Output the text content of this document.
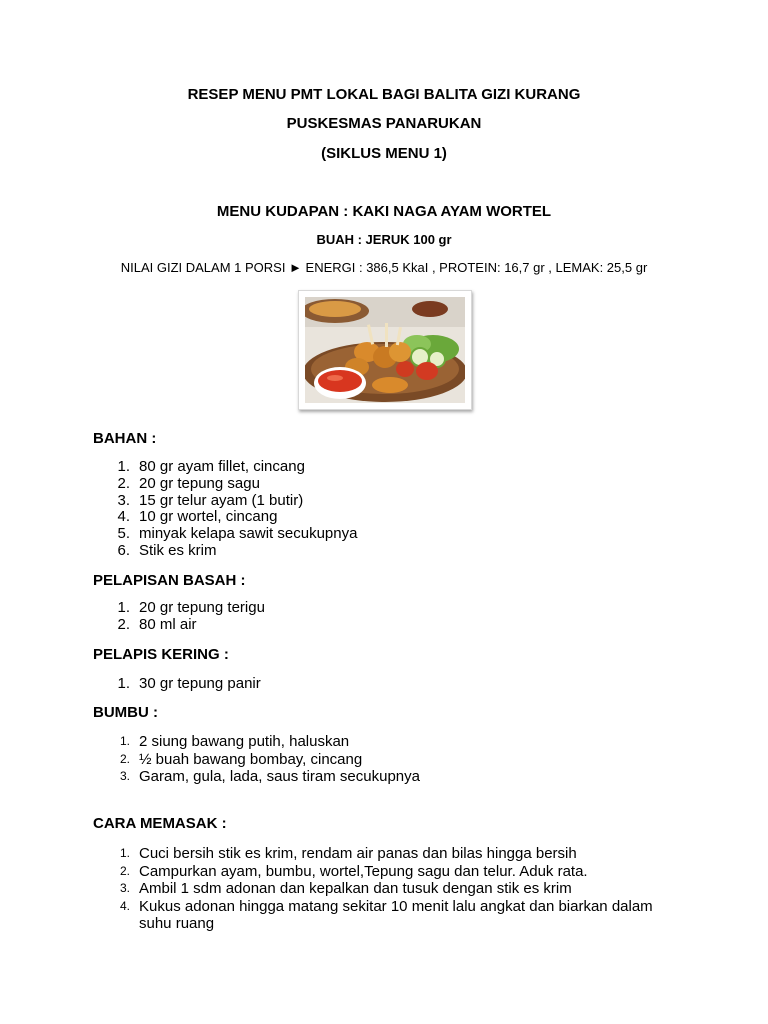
RESEP MENU PMT LOKAL BAGI BALITA GIZI KURANG
PUSKESMAS PANARUKAN
(SIKLUS MENU 1)
MENU KUDAPAN : KAKI NAGA AYAM WORTEL
BUAH : JERUK 100 gr
NILAI GIZI DALAM 1 PORSI ► ENERGI : 386,5 KkaI , PROTEIN: 16,7 gr , LEMAK: 25,5 gr
BAHAN :
1. 80 gr ayam fillet, cincang
2. 20 gr tepung sagu
3. 15 gr telur ayam (1 butir)
4. 10 gr wortel, cincang
5. minyak kelapa sawit secukupnya
6. Stik es krim
PELAPISAN BASAH :
1. 20 gr tepung terigu
2. 80 ml air
PELAPIS KERING :
1. 30 gr tepung panir
BUMBU :
1. 2 siung bawang putih, haluskan
2. ½ buah bawang bombay, cincang
3. Garam, gula, lada, saus tiram secukupnya
CARA MEMASAK :
1. Cuci bersih stik es krim, rendam air panas dan bilas hingga bersih
2. Campurkan ayam, bumbu, wortel,Tepung sagu dan telur. Aduk rata.
3. Ambil 1 sdm adonan dan kepalkan dan tusuk dengan stik es krim
4. Kukus adonan hingga matang sekitar 10 menit lalu angkat dan biarkan dalam
suhu ruang
